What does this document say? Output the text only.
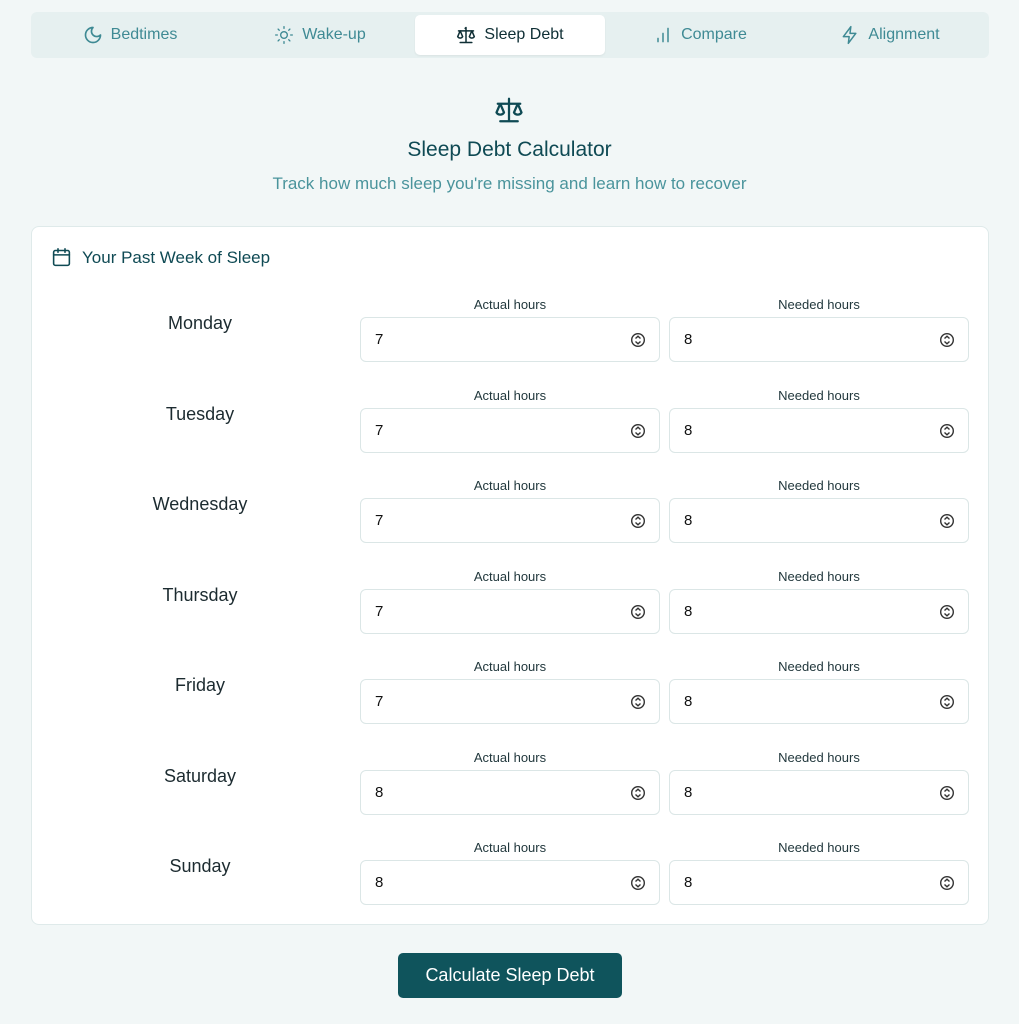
Bedtimes	Wake-up	Sleep Debt	Compare	Alignment
Sleep Debt Calculator
Track how much sleep you're missing and learn how to recover
Your Past Week of Sleep
Monday
Actual hours	Needed hours
7	8
Tuesday
Actual hours	Needed hours
7	8
Wednesday
Actual hours	Needed hours
7	8
Thursday
Actual hours	Needed hours
7	8
Friday
Actual hours	Needed hours
7	8
Saturday
Actual hours	Needed hours
8	8
Sunday
Actual hours	Needed hours
8	8
Calculate Sleep Debt
